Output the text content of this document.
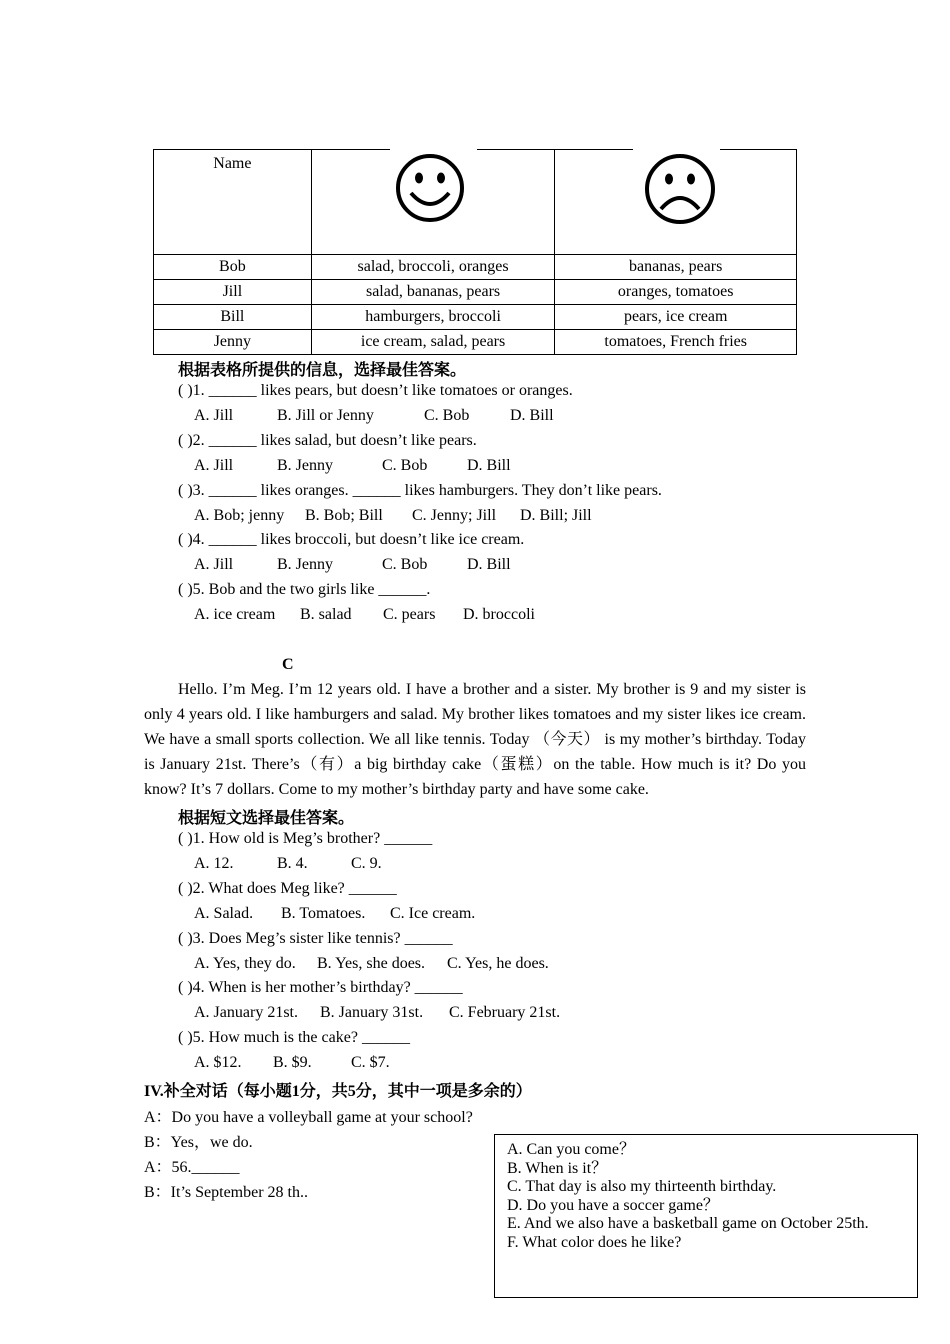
Name		
Bob	salad, broccoli, oranges	bananas, pears
Jill	salad, bananas, pears	oranges, tomatoes
Bill	hamburgers, broccoli	pears, ice cream
Jenny	ice cream, salad, pears	tomatoes, French fries
根据表格所提供的信息，选择最佳答案。
( )1. ______ likes pears, but doesn’t like tomatoes or oranges.
A. Jill	B. Jill or Jenny	C. Bob	D. Bill
( )2. ______ likes salad, but doesn’t like pears.
A. Jill	B. Jenny	C. Bob D. Bill
( )3. ______ likes oranges. ______ likes hamburgers. They don’t like pears.
A. Bob; jenny B. Bob; Bill C. Jenny; Jill D. Bill; Jill
( )4. ______ likes broccoli, but doesn’t like ice cream.
A. Jill	B. Jenny	C. Bob D. Bill
( )5. Bob and the two girls like ______.
A. ice cream B. salad C. pears D. broccoli
C

Hello. I’m Meg. I’m 12 years old. I have a brother and a sister. My brother is 9 and my sister is only 4 years old. I like hamburgers and salad. My brother likes tomatoes and my sister likes ice cream. We have a small sports collection. We all like tennis. Today （今天） is my mother’s birthday. Today is January 21st. There’s（有）a big birthday cake（蛋糕）on the table. How much is it? Do you know? It’s 7 dollars. Come to my mother’s birthday party and have some cake.

根据短文选择最佳答案。
( )1. How old is Meg’s brother? ______
A. 12.	B. 4.	C. 9.
( )2. What does Meg like? ______
A. Salad. B. Tomatoes. C. Ice cream.
( )3. Does Meg’s sister like tennis? ______
A. Yes, they do. B. Yes, she does. C. Yes, he does.
( )4. When is her mother’s birthday? ______
A. January 21st. B. January 31st. C. February 21st.
( )5. How much is the cake? ______
A. $12. B. $9. C. $7.
IV.补全对话（每小题1分，共5分，其中一项是多余的）
A：Do you have a volleyball game at your school?
B：Yes，we do.
A：56.______
B：It’s September 28 th..
A. Can you come？
B. When is it？
C. That day is also my thirteenth birthday.
D. Do you have a soccer game？
E. And we also have a basketball game on October 25th.
F. What color does he like?
